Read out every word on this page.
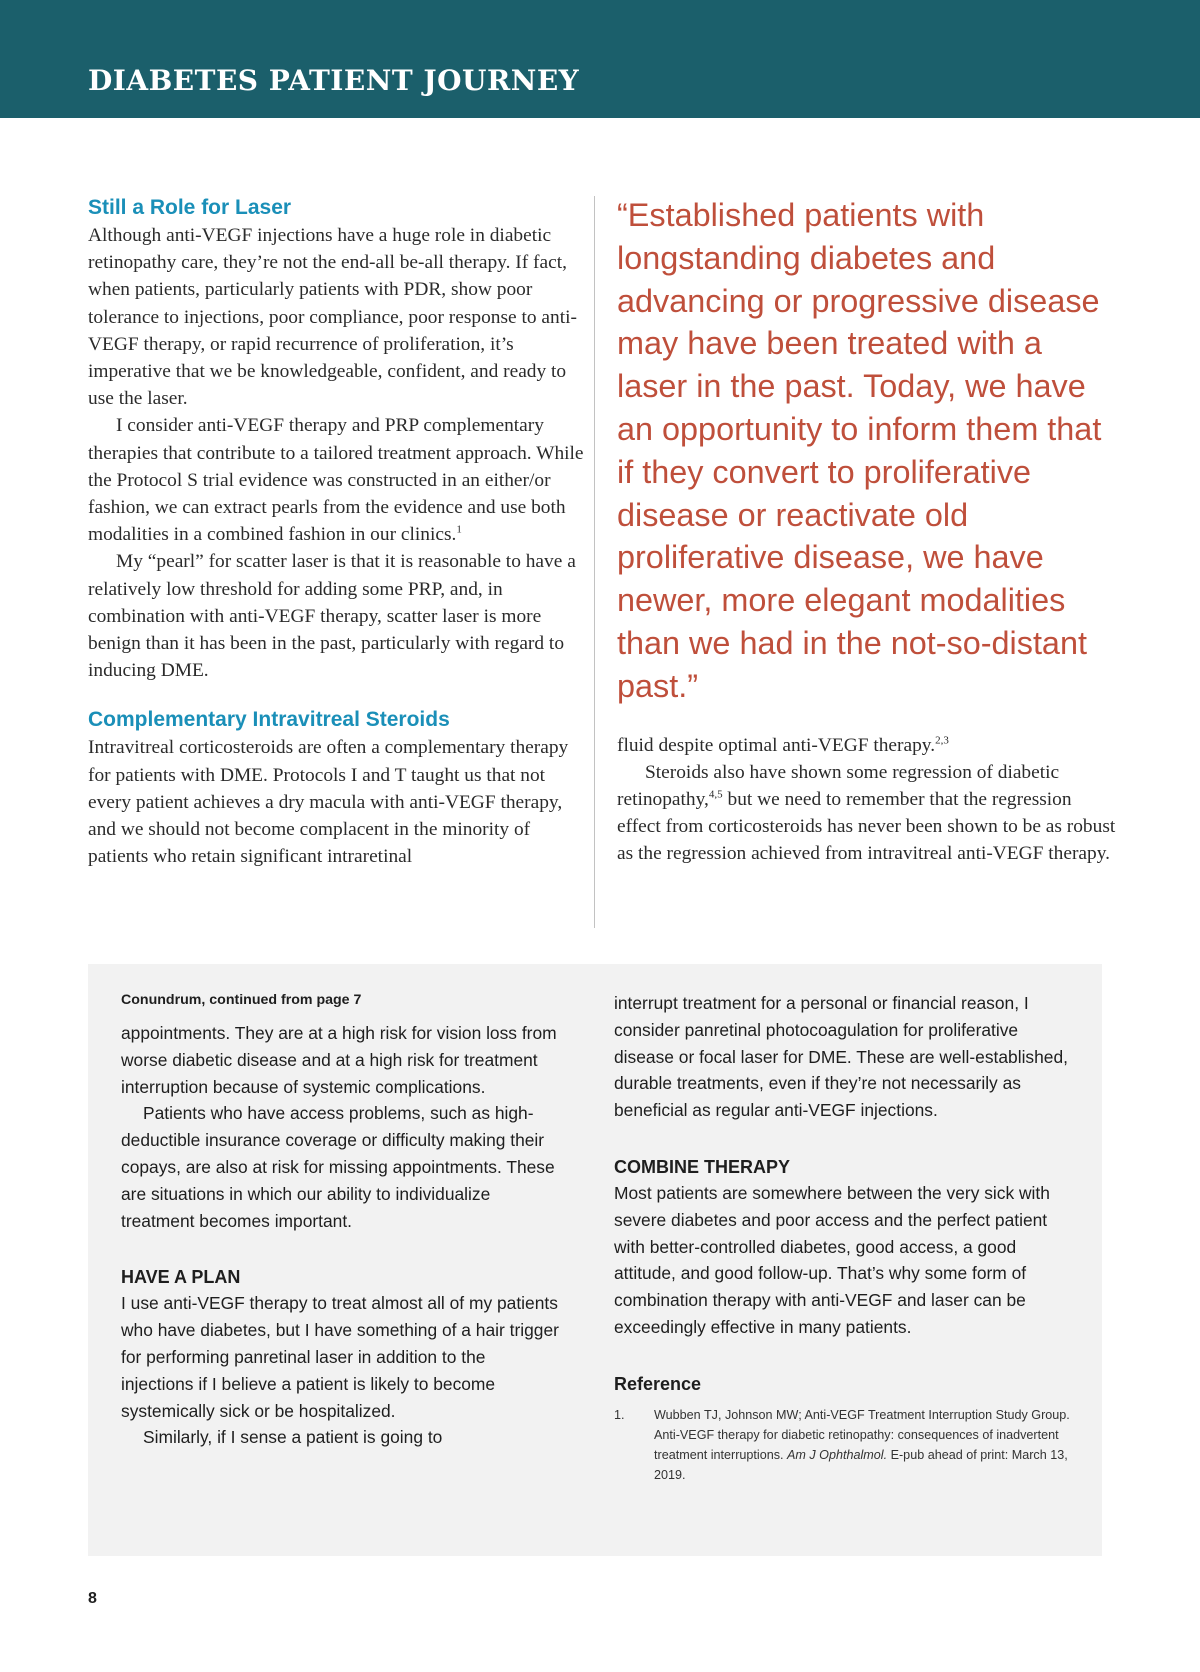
DIABETES PATIENT JOURNEY
Still a Role for Laser

Although anti-VEGF injections have a huge role in diabetic retinopathy care, they’re not the end-all be-all therapy. If fact, when patients, particularly patients with PDR, show poor tolerance to injections, poor compliance, poor response to anti-VEGF therapy, or rapid recurrence of proliferation, it’s imperative that we be knowledgeable, confident, and ready to use the laser.

I consider anti-VEGF therapy and PRP complementary therapies that contribute to a tailored treatment approach. While the Protocol S trial evidence was constructed in an either/or fashion, we can extract pearls from the evidence and use both modalities in a combined fashion in our clinics.$^1$

My “pearl” for scatter laser is that it is reasonable to have a relatively low threshold for adding some PRP, and, in combination with anti-VEGF therapy, scatter laser is more benign than it has been in the past, particularly with regard to inducing DME.

Complementary Intravitreal Steroids

Intravitreal corticosteroids are often a complementary therapy for patients with DME. Protocols I and T taught us that not every patient achieves a dry macula with anti-VEGF therapy, and we should not become complacent in the minority of patients who retain significant intraretinal

“Established patients with longstanding diabetes and advancing or progressive disease may have been treated with a laser in the past. Today, we have an opportunity to inform them that if they convert to proliferative disease or reactivate old proliferative disease, we have newer, more elegant modalities than we had in the not-so-distant past.”

fluid despite optimal anti-VEGF therapy.$^{2,3}$

Steroids also have shown some regression of diabetic retinopathy,$^{4,5}$ but we need to remember that the regression effect from corticosteroids has never been shown to be as robust as the regression achieved from intravitreal anti-VEGF therapy.

Conundrum, continued from page 7

appointments. They are at a high risk for vision loss from worse diabetic disease and at a high risk for treatment interruption because of systemic complications.

Patients who have access problems, such as high-deductible insurance coverage or difficulty making their copays, are also at risk for missing appointments. These are situations in which our ability to individualize treatment becomes important.

HAVE A PLAN

I use anti-VEGF therapy to treat almost all of my patients who have diabetes, but I have something of a hair trigger for performing panretinal laser in addition to the injections if I believe a patient is likely to become systemically sick or be hospitalized.

Similarly, if I sense a patient is going to

interrupt treatment for a personal or financial reason, I consider panretinal photocoagulation for proliferative disease or focal laser for DME. These are well-established, durable treatments, even if they’re not necessarily as beneficial as regular anti-VEGF injections.

COMBINE THERAPY

Most patients are somewhere between the very sick with severe diabetes and poor access and the perfect patient with better-controlled diabetes, good access, a good attitude, and good follow-up. That’s why some form of combination therapy with anti-VEGF and laser can be exceedingly effective in many patients.

Reference
1.	Wubben TJ, Johnson MW; Anti-VEGF Treatment Interruption Study Group. Anti-VEGF therapy for diabetic retinopathy: consequences of inadvertent treatment interruptions. Am J Ophthalmol. E-pub ahead of print: March 13, 2019.

8
